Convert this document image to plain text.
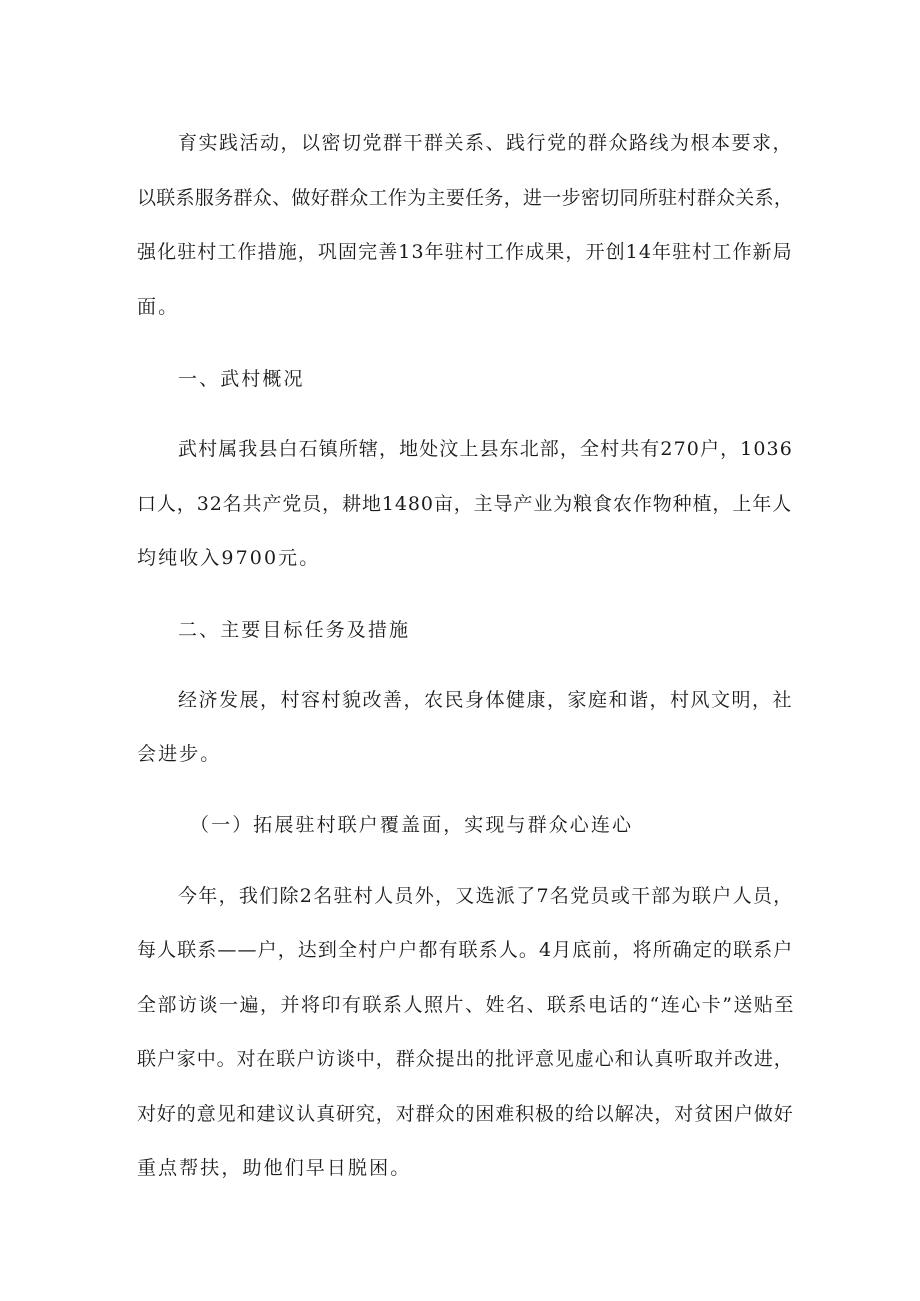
育实践活动，以密切党群干群关系、践行党的群众路线为根本要求，
以联系服务群众、做好群众工作为主要任务，进一步密切同所驻村群众关系，
强化驻村工作措施，巩固完善13年驻村工作成果，开创14年驻村工作新局
面。
一、武村概况
武村属我县白石镇所辖，地处汶上县东北部，全村共有270户，1036
口人，32名共产党员，耕地1480亩，主导产业为粮食农作物种植，上年人
均纯收入9700元。
二、主要目标任务及措施
经济发展，村容村貌改善，农民身体健康，家庭和谐，村风文明，社
会进步。
（一）拓展驻村联户覆盖面，实现与群众心连心
今年，我们除2名驻村人员外，又选派了7名党员或干部为联户人员，
每人联系——户，达到全村户户都有联系人。4月底前，将所确定的联系户
全部访谈一遍，并将印有联系人照片、姓名、联系电话的“连心卡”送贴至
联户家中。对在联户访谈中，群众提出的批评意见虚心和认真听取并改进，
对好的意见和建议认真研究，对群众的困难积极的给以解决，对贫困户做好
重点帮扶，助他们早日脱困。
